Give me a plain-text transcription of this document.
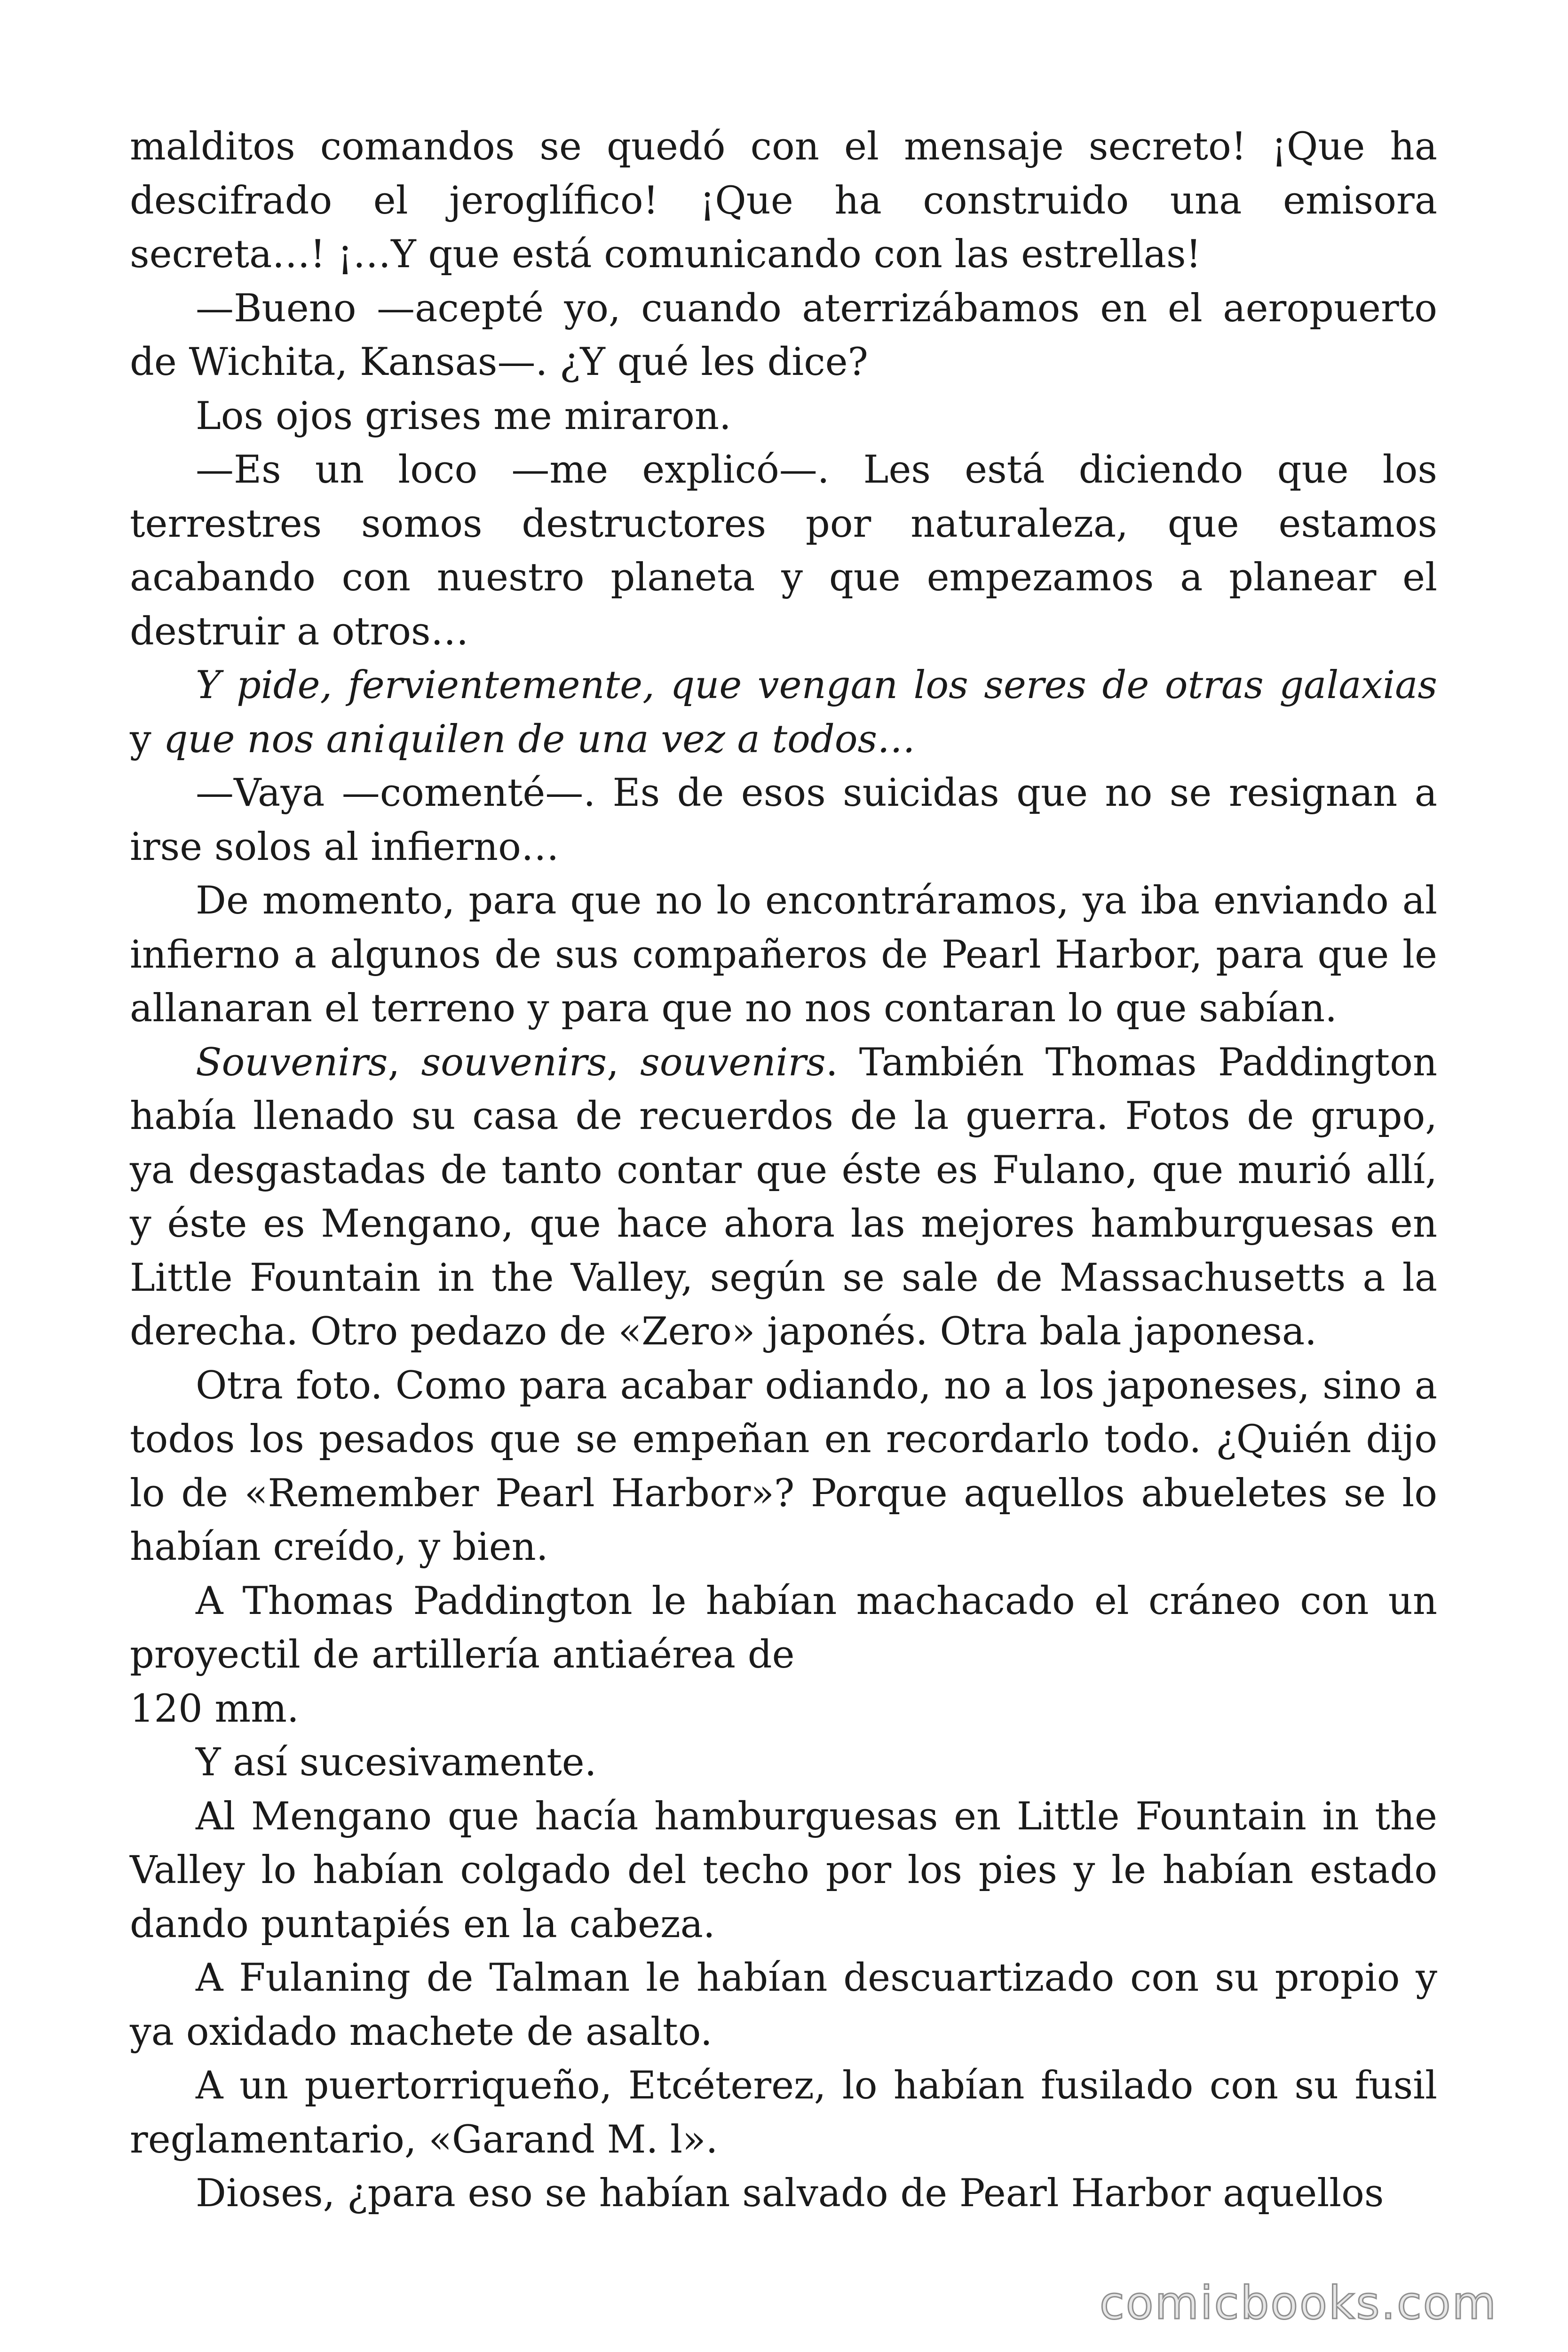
malditos comandos se quedó con el mensaje secreto! ¡Que ha descifrado el jeroglífico! ¡Que ha construido una emisora secreta…! ¡…Y que está comunicando con las estrellas!

—Bueno —acepté yo, cuando aterrizábamos en el aeropuerto de Wichita, Kansas—. ¿Y qué les dice?

Los ojos grises me miraron.

—Es un loco —me explicó—. Les está diciendo que los terrestres somos destructores por naturaleza, que estamos acabando con nuestro planeta y que empezamos a planear el destruir a otros…

Y pide, fervientemente, que vengan los seres de otras galaxias y que nos aniquilen de una vez a todos…

—Vaya —comenté—. Es de esos suicidas que no se resignan a irse solos al infierno…

De momento, para que no lo encontráramos, ya iba enviando al infierno a algunos de sus compañeros de Pearl Harbor, para que le allanaran el terreno y para que no nos contaran lo que sabían.

Souvenirs, souvenirs, souvenirs. También Thomas Paddington había llenado su casa de recuerdos de la guerra. Fotos de grupo, ya desgastadas de tanto contar que éste es Fulano, que murió allí, y éste es Mengano, que hace ahora las mejores hamburguesas en Little Fountain in the Valley, según se sale de Massachusetts a la derecha. Otro pedazo de «Zero» japonés. Otra bala japonesa.

Otra foto. Como para acabar odiando, no a los japoneses, sino a todos los pesados que se empeñan en recordarlo todo. ¿Quién dijo lo de «Remember Pearl Harbor»? Porque aquellos abueletes se lo habían creído, y bien.

A Thomas Paddington le habían machacado el cráneo con un proyectil de artillería antiaérea de

120 mm.

Y así sucesivamente.

Al Mengano que hacía hamburguesas en Little Fountain in the Valley lo habían colgado del techo por los pies y le habían estado dando puntapiés en la cabeza.

A Fulaning de Talman le habían descuartizado con su propio y ya oxidado machete de asalto.

A un puertorriqueño, Etcéterez, lo habían fusilado con su fusil reglamentario, «Garand M. l».

Dioses, ¿para eso se habían salvado de Pearl Harbor aquellos

comicbooks.com
